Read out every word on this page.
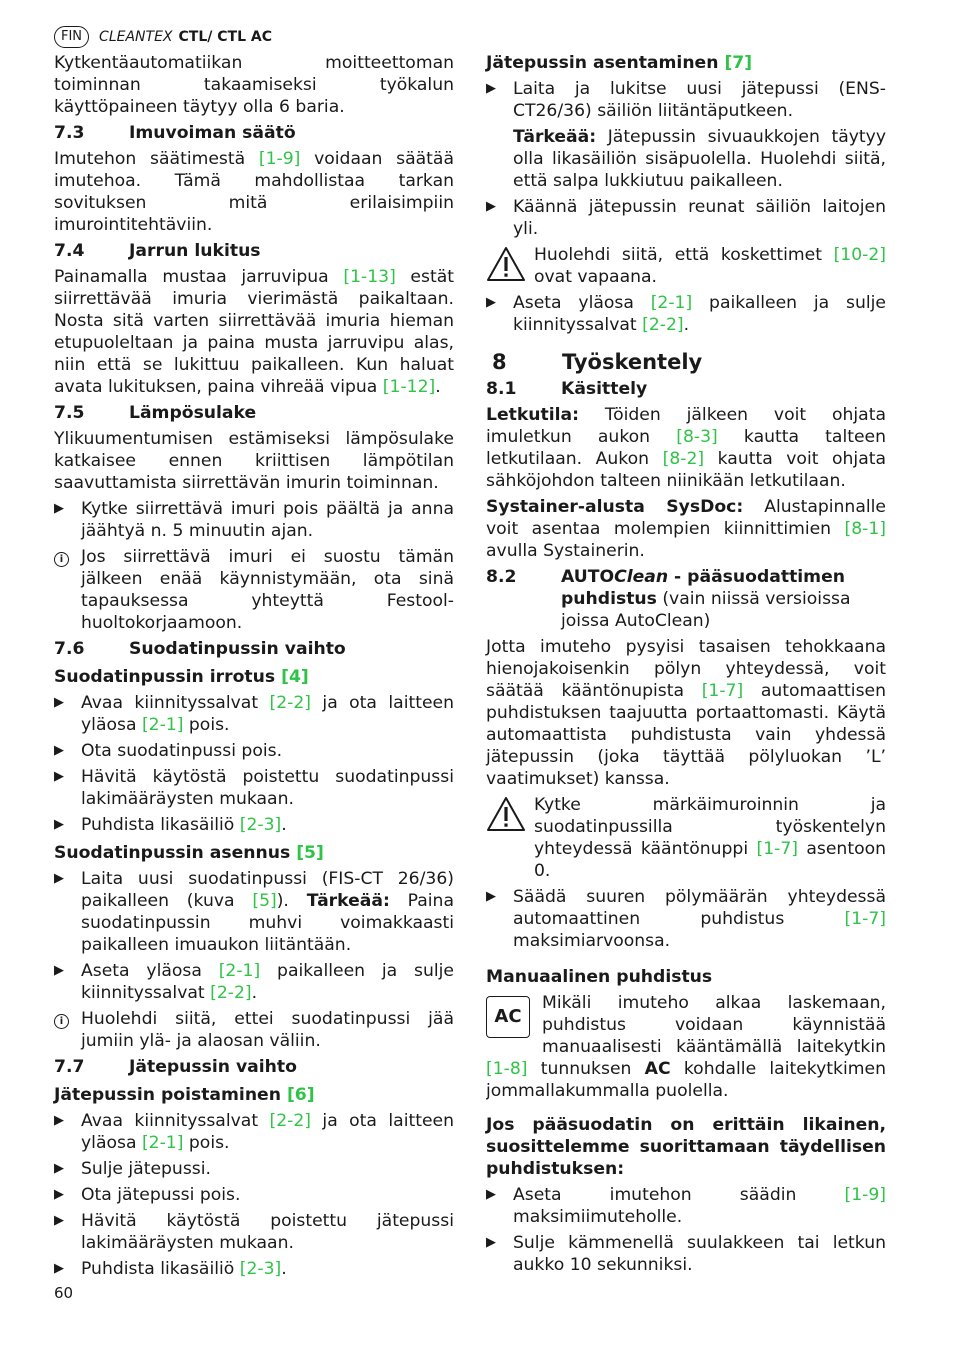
FIN	CLEANTEX CTL/ CTL AC

Kytkentäautomatiikan moitteettoman toiminnan takaamiseksi työkalun käyttöpaineen täytyy olla 6 baria.

7.3	Imuvoiman säätö

Imutehon säätimestä [1-9] voidaan säätää imutehoa. Tämä mahdollistaa tarkan sovituksen mitä erilaisimpiin imurointitehtäviin.

7.4	Jarrun lukitus

Painamalla mustaa jarruvipua [1-13] estät siirrettävää imuria vierimästä paikaltaan. Nosta sitä varten siirrettävää imuria hieman etupuoleltaan ja paina musta jarruvipu alas, niin että se lukittuu paikalleen. Kun haluat avata lukituksen, paina vihreää vipua [1-12].

7.5	Lämpösulake

Ylikuumentumisen estämiseksi lämpösulake katkaisee ennen kriittisen lämpötilan saavuttamista siirrettävän imurin toiminnan.

▶ Kytke siirrettävä imuri pois päältä ja anna jäähtyä n. 5 minuutin ajan.
i	Jos siirrettävä imuri ei suostu tämän jälkeen enää käynnistymään, ota sinä tapauksessa yhteyttä Festool-huoltokorjaamoon.
7.6	Suodatinpussin vaihto
Suodatinpussin irrotus [4]
▶ Avaa kiinnityssalvat [2-2] ja ota laitteen yläosa [2-1] pois.
▶ Ota suodatinpussi pois.
▶ Hävitä käytöstä poistettu suodatinpussi lakimääräysten mukaan.
▶ Puhdista likasäiliö [2-3].
Suodatinpussin asennus [5]
▶ Laita uusi suodatinpussi (FIS-CT 26/36) paikalleen (kuva [5]). Tärkeää: Paina suodatinpussin muhvi voimakkaasti paikalleen imuaukon liitäntään.
▶ Aseta yläosa [2-1] paikalleen ja sulje kiinnityssalvat [2-2].
i	Huolehdi siitä, ettei suodatinpussi jää jumiin ylä- ja alaosan väliin.
7.7	Jätepussin vaihto
Jätepussin poistaminen [6]
▶ Avaa kiinnityssalvat [2-2] ja ota laitteen yläosa [2-1] pois.
▶ Sulje jätepussi.
▶ Ota jätepussi pois.
▶ Hävitä käytöstä poistettu jätepussi lakimääräysten mukaan.
▶ Puhdista likasäiliö [2-3].
Jätepussin asentaminen [7]
▶ Laita ja lukitse uusi jätepussi (ENS-CT26/36) säiliön liitäntäputkeen.

Tärkeää: Jätepussin sivuaukkojen täytyy olla likasäiliön sisäpuolella. Huolehdi siitä, että salpa lukkiutuu paikalleen.

▶ Käännä jätepussin reunat säiliön laitojen yli.
Huolehdi siitä, että koskettimet [10-2] ovat vapaana.
▶ Aseta yläosa [2-1] paikalleen ja sulje kiinnityssalvat [2-2].
8	Työskentely
8.1	Käsittely

Letkutila: Töiden jälkeen voit ohjata imuletkun aukon [8-3] kautta talteen letkutilaan. Aukon [8-2] kautta voit ohjata sähköjohdon talteen niinikään letkutilaan.

Systainer-alusta SysDoc: Alustapinnalle voit asentaa molempien kiinnittimien [8-1] avulla Systainerin.

8.2	AUTOClean - pääsuodattimen puhdistus (vain niissä versioissa joissa AutoClean)

Jotta imuteho pysyisi tasaisen tehokkaana hienojakoisenkin pölyn yhteydessä, voit säätää kääntönupista [1-7] automaattisen puhdistuksen taajuutta portaattomasti. Käytä automaattista puhdistusta vain yhdessä jätepussin (joka täyttää pölyluokan ’L’ vaatimukset) kanssa.

Kytke märkäimuroinnin ja suodatinpussilla työskentelyn yhteydessä kääntönuppi [1-7] asentoon 0.
▶ Säädä suuren pölymäärän yhteydessä automaattinen puhdistus [1-7] maksimiarvoonsa.
Manuaalinen puhdistus
AC

Mikäli imuteho alkaa laskemaan, puhdistus voidaan käynnistää manuaalisesti kääntämällä laitekytkin [1-8] tunnuksen AC kohdalle laitekytkimen jommallakummalla puolella.

Jos pääsuodatin on erittäin likainen, suosittelemme suorittamaan täydellisen puhdistuksen:

▶ Aseta imutehon säädin [1-9] maksimiimuteholle.
▶ Sulje kämmenellä suulakkeen tai letkun aukko 10 sekunniksi.
60
